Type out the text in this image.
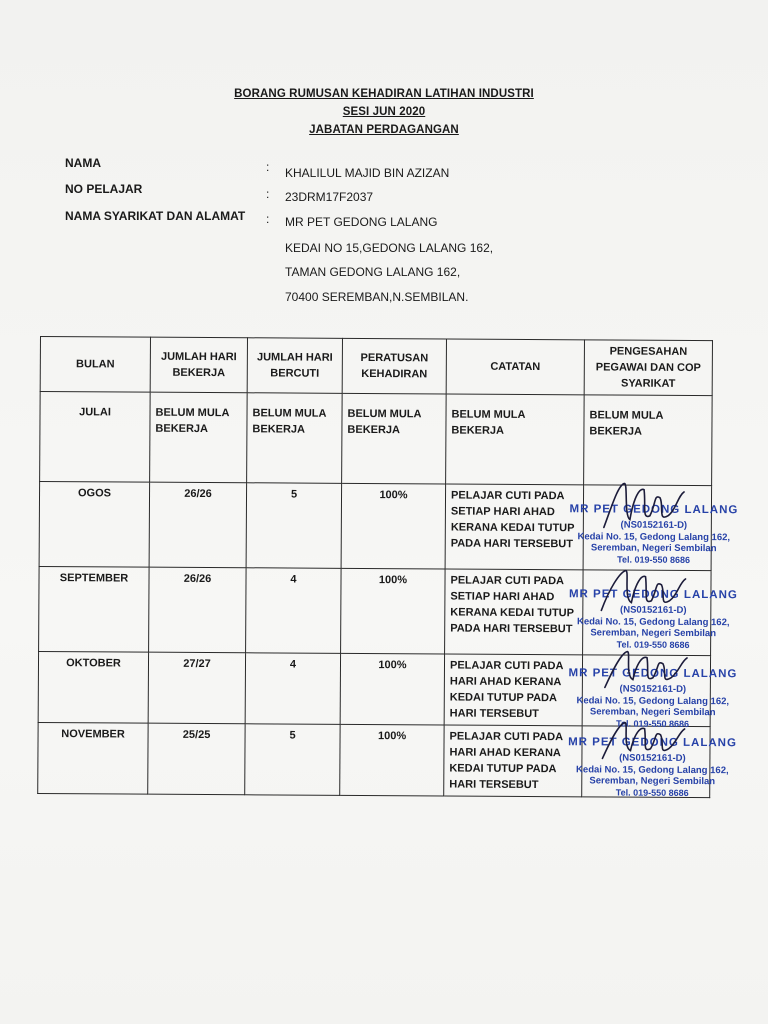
BORANG RUMUSAN KEHADIRAN LATIHAN INDUSTRI
SESI JUN 2020
JABATAN PERDAGANGAN
NAMA	: KHALILUL MAJID BIN AZIZAN
NO PELAJAR	: 23DRM17F2037
NAMA SYARIKAT DAN ALAMAT : MR PET GEDONG LALANG
KEDAI NO 15,GEDONG LALANG 162,
TAMAN GEDONG LALANG 162,
70400 SEREMBAN,N.SEMBILAN.
BULAN	JUMLAH HARI BEKERJA	JUMLAH HARI BERCUTI	PERATUSAN KEHADIRAN	CATATAN	PENGESAHAN PEGAWAI DAN COP SYARIKAT
JULAI	BELUM MULA BEKERJA	BELUM MULA BEKERJA	BELUM MULA BEKERJA	BELUM MULA BEKERJA	BELUM MULA BEKERJA
OGOS	26/26	5	100%	PELAJAR CUTI PADA SETIAP HARI AHAD KERANA KEDAI TUTUP PADA HARI TERSEBUT	MR PET GEDONG LALANG
(NS0152161-D)
Kedai No. 15, Gedong Lalang 162,
Seremban, Negeri Sembilan
Tel. 019-550 8686

SEPTEMBER	26/26	4	100%	PELAJAR CUTI PADA SETIAP HARI AHAD KERANA KEDAI TUTUP PADA HARI TERSEBUT	MR PET GEDONG LALANG
(NS0152161-D)
Kedai No. 15, Gedong Lalang 162,
Seremban, Negeri Sembilan
Tel. 019-550 8686

OKTOBER	27/27	4	100%	PELAJAR CUTI PADA HARI AHAD KERANA KEDAI TUTUP PADA HARI TERSEBUT	MR PET GEDONG LALANG
(NS0152161-D)
Kedai No. 15, Gedong Lalang 162,
Seremban, Negeri Sembilan
Tel. 019-550 8686

NOVEMBER	25/25	5	100%	PELAJAR CUTI PADA HARI AHAD KERANA KEDAI TUTUP PADA HARI TERSEBUT	MR PET GEDONG LALANG
(NS0152161-D)
Kedai No. 15, Gedong Lalang 162,
Seremban, Negeri Sembilan
Tel. 019-550 8686
